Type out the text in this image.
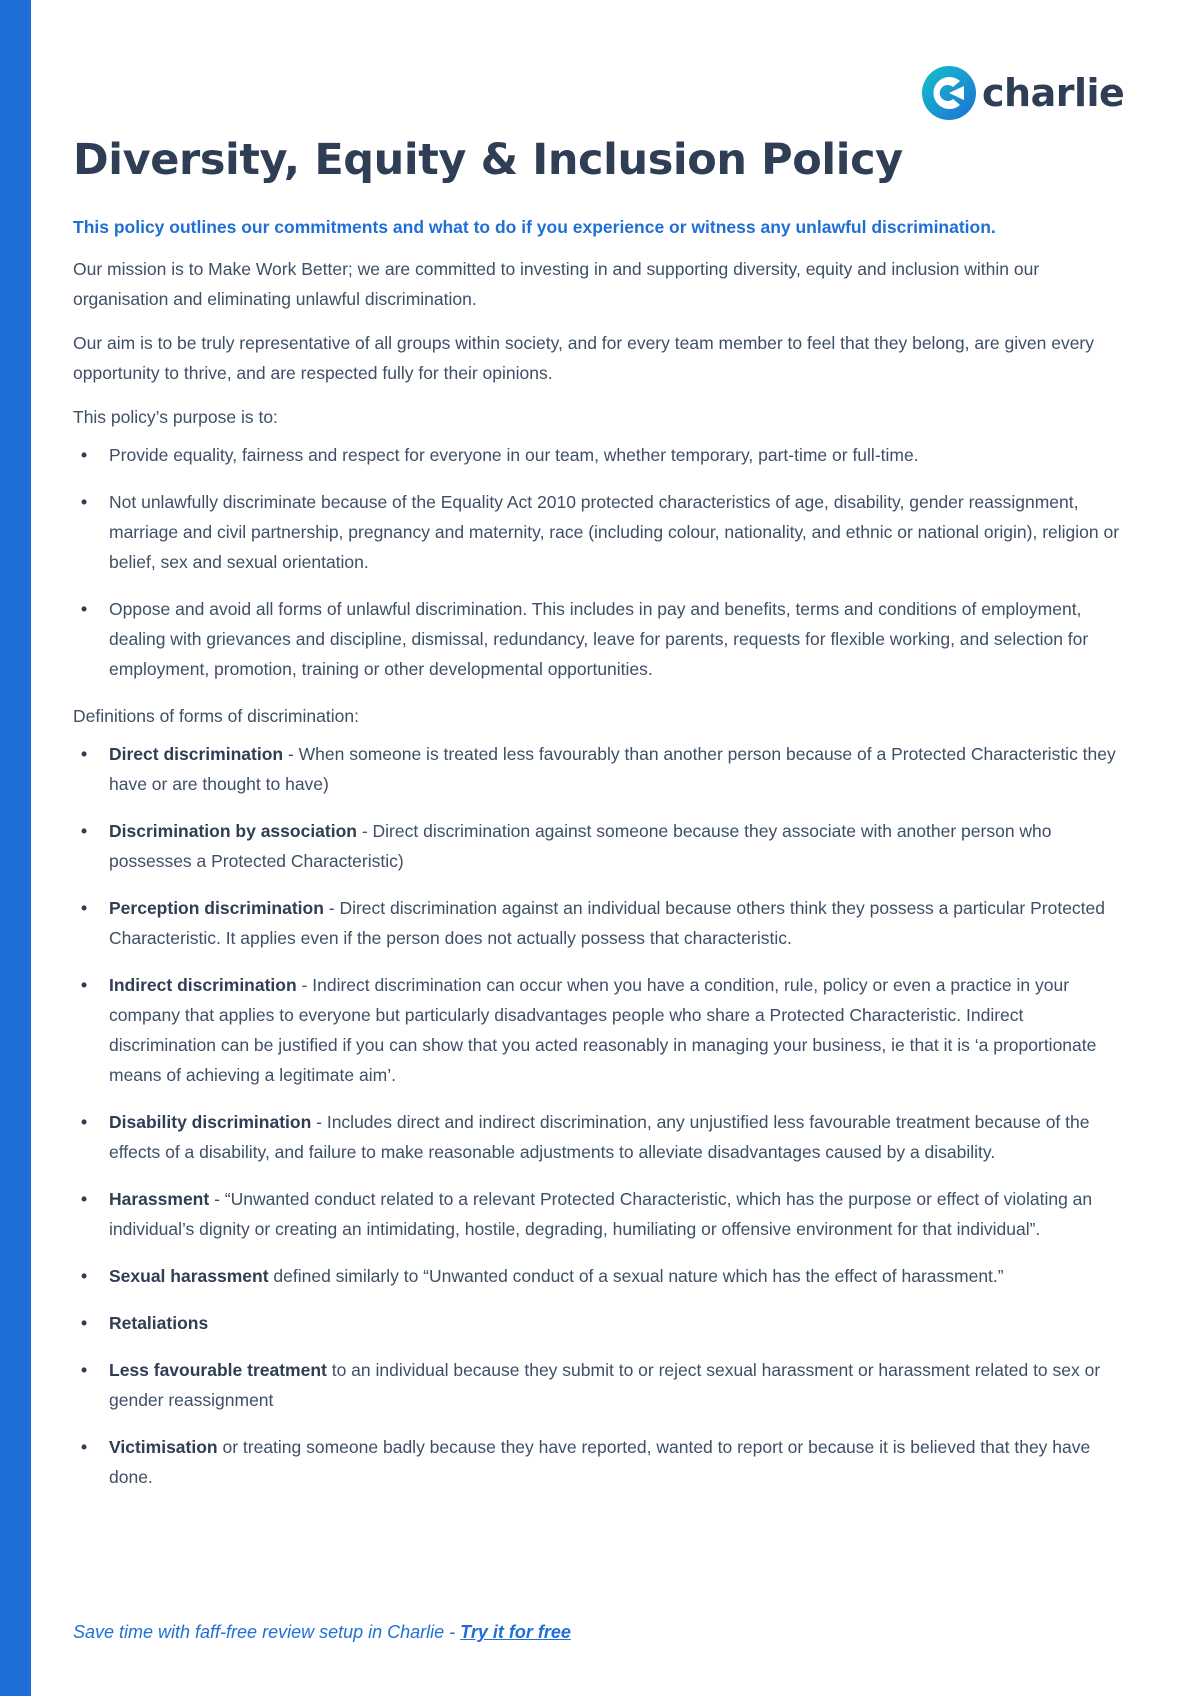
charlie
Diversity, Equity & Inclusion Policy
This policy outlines our commitments and what to do if you experience or witness any unlawful discrimination.

Our mission is to Make Work Better; we are committed to investing in and supporting diversity, equity and inclusion within our organisation and eliminating unlawful discrimination.

Our aim is to be truly representative of all groups within society, and for every team member to feel that they belong, are given every opportunity to thrive, and are respected fully for their opinions.

This policy’s purpose is to:

• Provide equality, fairness and respect for everyone in our team, whether temporary, part-time or full-time.
• Not unlawfully discriminate because of the Equality Act 2010 protected characteristics of age, disability, gender reassignment, marriage and civil partnership, pregnancy and maternity, race (including colour, nationality, and ethnic or national origin), religion or belief, sex and sexual orientation.
• Oppose and avoid all forms of unlawful discrimination. This includes in pay and benefits, terms and conditions of employment, dealing with grievances and discipline, dismissal, redundancy, leave for parents, requests for flexible working, and selection for employment, promotion, training or other developmental opportunities.

Definitions of forms of discrimination:

• Direct discrimination - When someone is treated less favourably than another person because of a Protected Characteristic they have or are thought to have)
• Discrimination by association - Direct discrimination against someone because they associate with another person who possesses a Protected Characteristic)
• Perception discrimination - Direct discrimination against an individual because others think they possess a particular Protected Characteristic. It applies even if the person does not actually possess that characteristic.
• Indirect discrimination - Indirect discrimination can occur when you have a condition, rule, policy or even a practice in your company that applies to everyone but particularly disadvantages people who share a Protected Characteristic. Indirect discrimination can be justified if you can show that you acted reasonably in managing your business, ie that it is ‘a proportionate means of achieving a legitimate aim’.
• Disability discrimination - Includes direct and indirect discrimination, any unjustified less favourable treatment because of the effects of a disability, and failure to make reasonable adjustments to alleviate disadvantages caused by a disability.
• Harassment - “Unwanted conduct related to a relevant Protected Characteristic, which has the purpose or effect of violating an individual’s dignity or creating an intimidating, hostile, degrading, humiliating or offensive environment for that individual”.
• Sexual harassment defined similarly to “Unwanted conduct of a sexual nature which has the effect of harassment.”
• Retaliations
• Less favourable treatment to an individual because they submit to or reject sexual harassment or harassment related to sex or gender reassignment
• Victimisation or treating someone badly because they have reported, wanted to report or because it is believed that they have done.
Save time with faff-free review setup in Charlie - Try it for free
